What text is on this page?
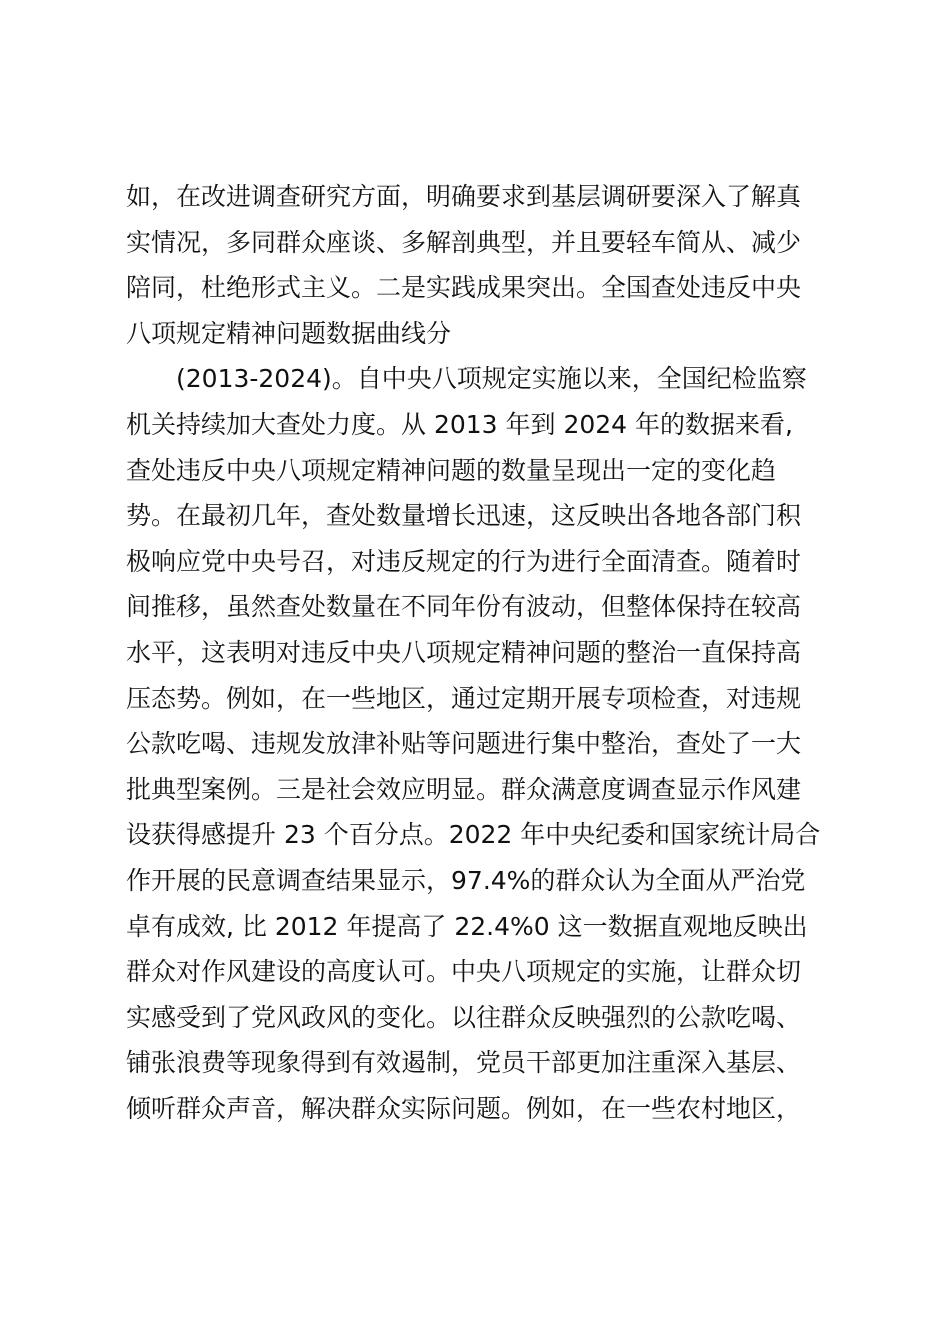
如，在改进调查研究方面，明确要求到基层调研要深入了解真
实情况，多同群众座谈、多解剖典型，并且要轻车简从、减少
陪同，杜绝形式主义。二是实践成果突出。全国查处违反中央
八项规定精神问题数据曲线分
(2013-2024)。自中央八项规定实施以来，全国纪检监察
机关持续加大查处力度。从 2013 年到 2024 年的数据来看,
查处违反中央八项规定精神问题的数量呈现出一定的变化趋
势。在最初几年，查处数量增长迅速，这反映出各地各部门积
极响应党中央号召，对违反规定的行为进行全面清查。随着时
间推移，虽然查处数量在不同年份有波动，但整体保持在较高
水平，这表明对违反中央八项规定精神问题的整治一直保持高
压态势。例如，在一些地区，通过定期开展专项检查，对违规
公款吃喝、违规发放津补贴等问题进行集中整治，查处了一大
批典型案例。三是社会效应明显。群众满意度调查显示作风建
设获得感提升 23 个百分点。2022 年中央纪委和国家统计局合
作开展的民意调查结果显示，97.4%的群众认为全面从严治党
卓有成效, 比 2012 年提高了 22.4%0 这一数据直观地反映出
群众对作风建设的高度认可。中央八项规定的实施，让群众切
实感受到了党风政风的变化。以往群众反映强烈的公款吃喝、
铺张浪费等现象得到有效遏制，党员干部更加注重深入基层、
倾听群众声音，解决群众实际问题。例如，在一些农村地区，
